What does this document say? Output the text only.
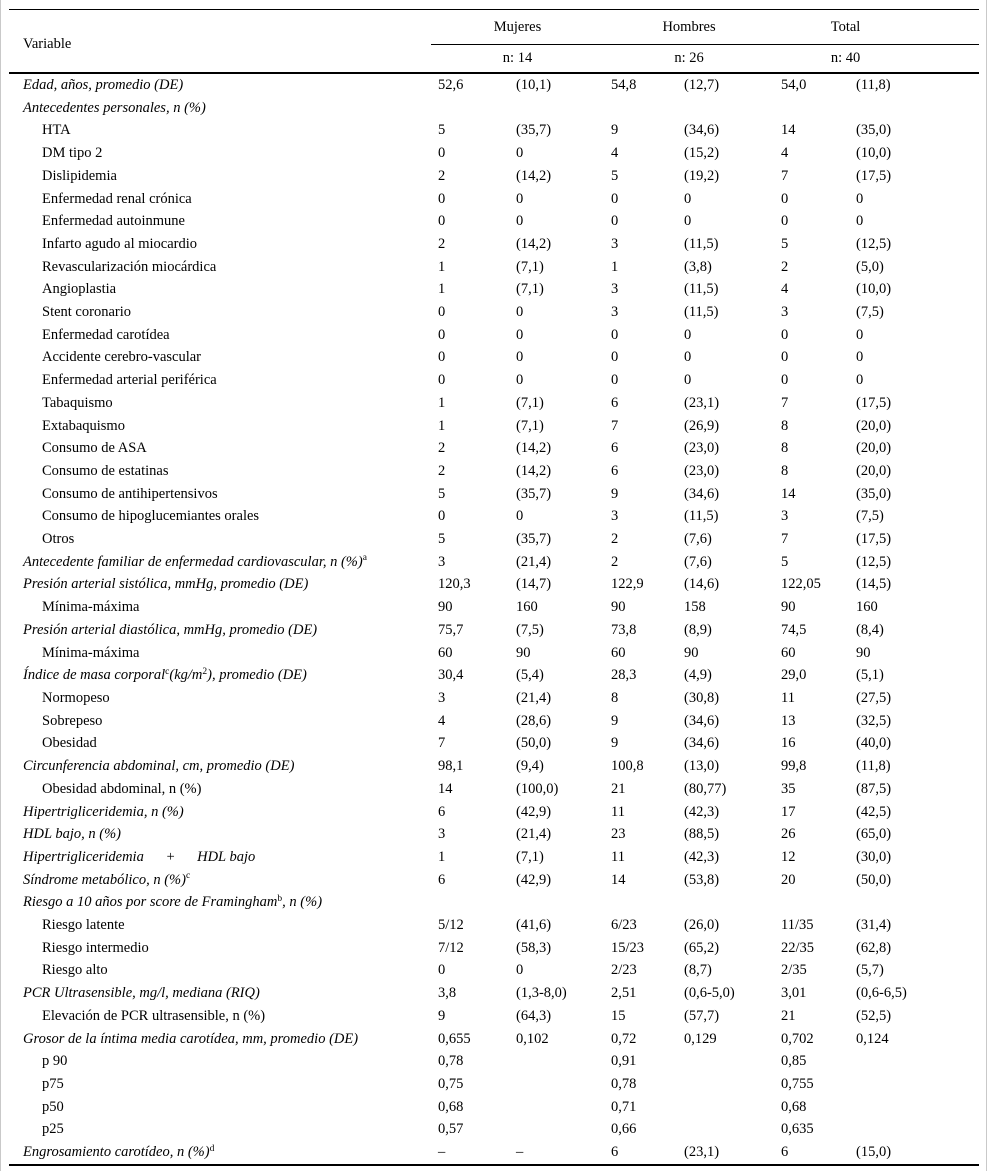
Variable	Mujeres		Hombres		Total		
	n: 14		n: 26		n: 40		
Edad, años, promedio (DE)	52,6	(10,1)	54,8	(12,7)	54,0	(11,8)	
Antecedentes personales, n (%)							
HTA	5	(35,7)	9	(34,6)	14	(35,0)	
DM tipo 2	0	0	4	(15,2)	4	(10,0)	
Dislipidemia	2	(14,2)	5	(19,2)	7	(17,5)	
Enfermedad renal crónica	0	0	0	0	0	0	
Enfermedad autoinmune	0	0	0	0	0	0	
Infarto agudo al miocardio	2	(14,2)	3	(11,5)	5	(12,5)	
Revascularización miocárdica	1	(7,1)	1	(3,8)	2	(5,0)	
Angioplastia	1	(7,1)	3	(11,5)	4	(10,0)	
Stent coronario	0	0	3	(11,5)	3	(7,5)	
Enfermedad carotídea	0	0	0	0	0	0	
Accidente cerebro-vascular	0	0	0	0	0	0	
Enfermedad arterial periférica	0	0	0	0	0	0	
Tabaquismo	1	(7,1)	6	(23,1)	7	(17,5)	
Extabaquismo	1	(7,1)	7	(26,9)	8	(20,0)	
Consumo de ASA	2	(14,2)	6	(23,0)	8	(20,0)	
Consumo de estatinas	2	(14,2)	6	(23,0)	8	(20,0)	
Consumo de antihipertensivos	5	(35,7)	9	(34,6)	14	(35,0)	
Consumo de hipoglucemiantes orales	0	0	3	(11,5)	3	(7,5)	
Otros	5	(35,7)	2	(7,6)	7	(17,5)	
Antecedente familiar de enfermedad cardiovascular, n (%)$^a$	3	(21,4)	2	(7,6)	5	(12,5)	
Presión arterial sistólica, mmHg, promedio (DE)	120,3	(14,7)	122,9	(14,6)	122,05	(14,5)	
Mínima-máxima	90	160	90	158	90	160	
Presión arterial diastólica, mmHg, promedio (DE)	75,7	(7,5)	73,8	(8,9)	74,5	(8,4)	
Mínima-máxima	60	90	60	90	60	90	
Índice de masa $corporal^c(kg/m^2)$, promedio (DE)	30,4	(5,4)	28,3	(4,9)	29,0	(5,1)	
Normopeso	3	(21,4)	8	(30,8)	11	(27,5)	
Sobrepeso	4	(28,6)	9	(34,6)	13	(32,5)	
Obesidad	7	(50,0)	9	(34,6)	16	(40,0)	
Circunferencia abdominal, cm, promedio (DE)	98,1	(9,4)	100,8	(13,0)	99,8	(11,8)	
Obesidad abdominal, n (%)	14	(100,0)	21	(80,77)	35	(87,5)	
Hipertrigliceridemia, n (%)	6	(42,9)	11	(42,3)	17	(42,5)	
HDL bajo, n (%)	3	(21,4)	23	(88,5)	26	(65,0)	
Hipertrigliceridemia  +  HDL bajo	1	(7,1)	11	(42,3)	12	(30,0)	
Síndrome metabólico, n (%)$^c$	6	(42,9)	14	(53,8)	20	(50,0)	
Riesgo a 10 años por score de Framingham$^b$, n (%)							
Riesgo latente	5/12	(41,6)	6/23	(26,0)	11/35	(31,4)	
Riesgo intermedio	7/12	(58,3)	15/23	(65,2)	22/35	(62,8)	
Riesgo alto	0	0	2/23	(8,7)	2/35	(5,7)	
PCR Ultrasensible, mg/l, mediana (RIQ)	3,8	(1,3-8,0)	2,51	(0,6-5,0)	3,01	(0,6-6,5)	
Elevación de PCR ultrasensible, n (%)	9	(64,3)	15	(57,7)	21	(52,5)	
Grosor de la íntima media carotídea, mm, promedio (DE)	0,655	0,102	0,72	0,129	0,702	0,124	
p 90	0,78		0,91		0,85		
p75	0,75		0,78		0,755		
p50	0,68		0,71		0,68		
p25	0,57		0,66		0,635		
Engrosamiento carotídeo, n (%)$^d$	–	–	6	(23,1)	6	(15,0)	
